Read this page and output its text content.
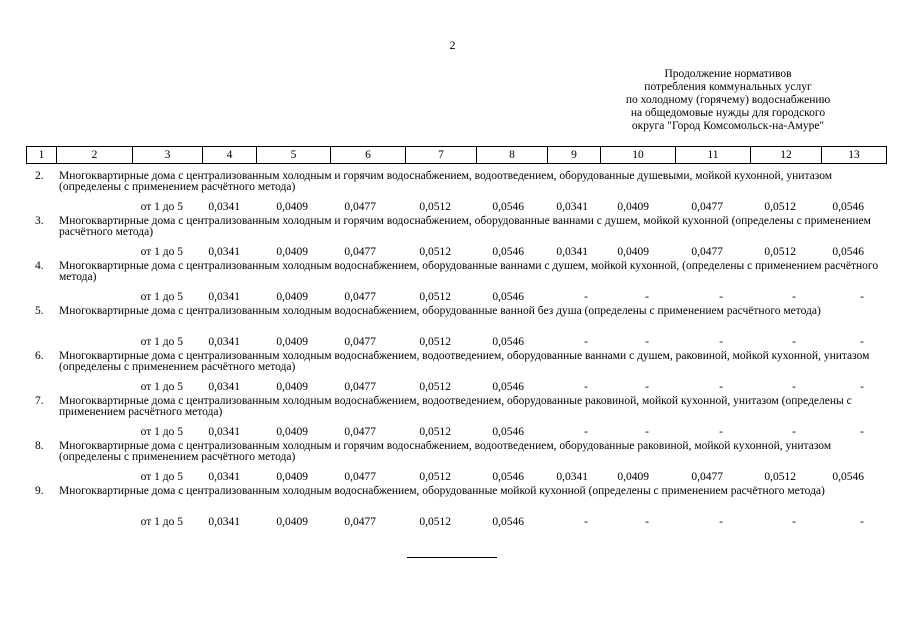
2
Продолжение нормативов
потребления коммунальных услуг
по холодному (горячему) водоснабжению
на общедомовые нужды для городского
округа "Город Комсомольск-на-Амуре"
1	2	3	4	5	6	7	8	9	10	11	12	13
2. Многоквартирные дома с централизованным холодным и горячим водоснабжением, водоотведением, оборудованные душевыми, мойкой кухонной, унитазом (определены с применением расчётного метода)
от 1 до 5 0,0341	0,0409	0,0477	0,0512	0,0546	0,0341	0,0409	0,0477	0,0512	0,0546
3. Многоквартирные дома с централизованным холодным и горячим водоснабжением, оборудованные ваннами с душем, мойкой кухонной (определены с применением расчётного метода)
от 1 до 5 0,0341	0,0409	0,0477	0,0512	0,0546	0,0341	0,0409	0,0477	0,0512	0,0546
4. Многоквартирные дома с централизованным холодным водоснабжением, оборудованные ваннами с душем, мойкой кухонной, (определены с применением расчётного метода)
от 1 до 5 0,0341	0,0409	0,0477	0,0512	0,0546	-	-	-	-	-
5. Многоквартирные дома с централизованным холодным водоснабжением, оборудованные ванной без душа (определены с применением расчётного метода)
от 1 до 5 0,0341	0,0409	0,0477	0,0512	0,0546	-	-	-	-	-
6. Многоквартирные дома с централизованным холодным водоснабжением, водоотведением, оборудованные ваннами с душем, раковиной, мойкой кухонной, унитазом (определены с применением расчётного метода)
от 1 до 5 0,0341	0,0409	0,0477	0,0512	0,0546	-	-	-	-	-
7. Многоквартирные дома с централизованным холодным водоснабжением, водоотведением, оборудованные раковиной, мойкой кухонной, унитазом (определены с применением расчётного метода)
от 1 до 5 0,0341	0,0409	0,0477	0,0512	0,0546	-	-	-	-	-
8. Многоквартирные дома с централизованным холодным и горячим водоснабжением, водоотведением, оборудованные раковиной, мойкой кухонной, унитазом (определены с применением расчётного метода)
от 1 до 5 0,0341	0,0409	0,0477	0,0512	0,0546	0,0341	0,0409	0,0477	0,0512	0,0546
9. Многоквартирные дома с централизованным холодным водоснабжением, оборудованные мойкой кухонной (определены с применением расчётного метода)
от 1 до 5 0,0341	0,0409	0,0477	0,0512	0,0546	-	-	-	-	-
